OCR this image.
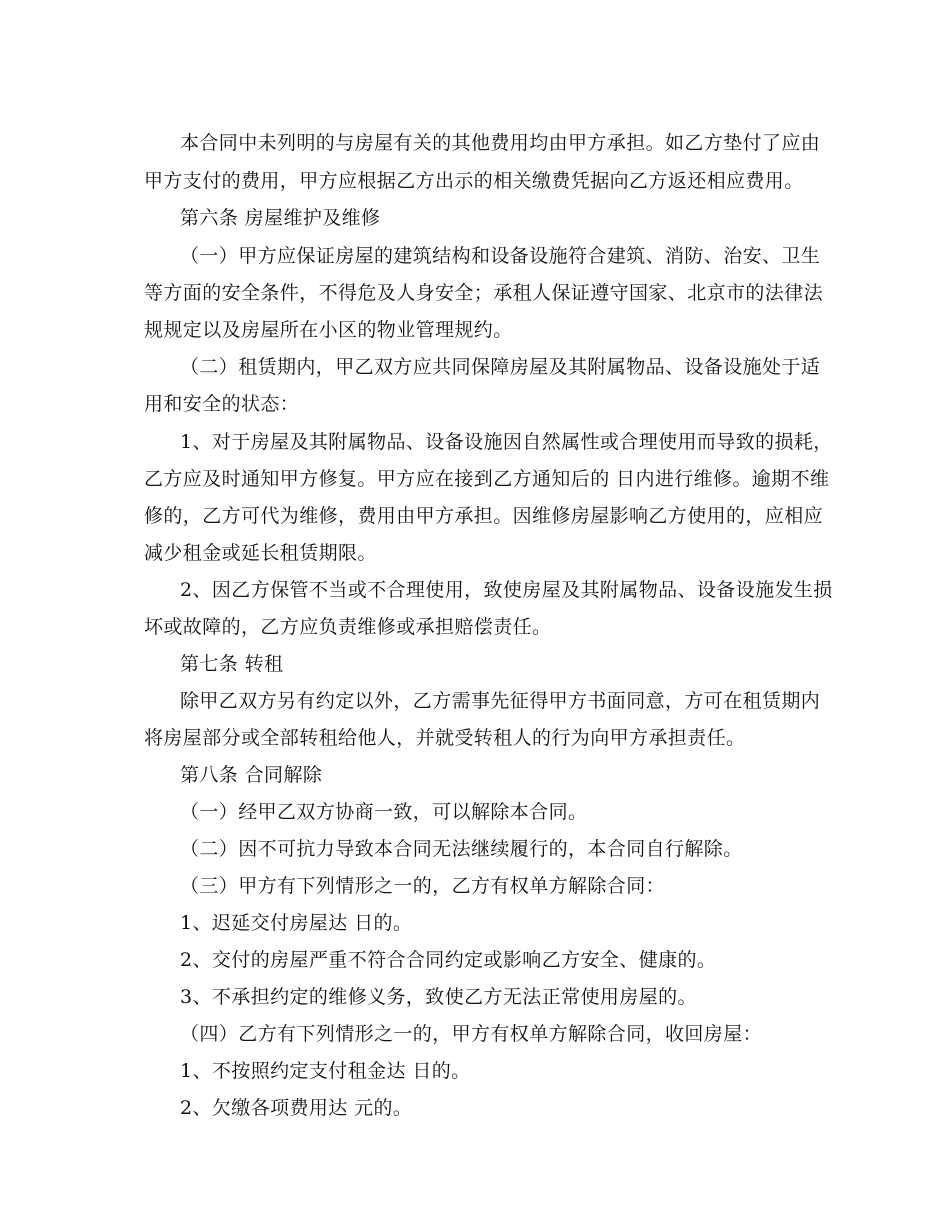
本合同中未列明的与房屋有关的其他费用均由甲方承担。如乙方垫付了应由
甲方支付的费用，甲方应根据乙方出示的相关缴费凭据向乙方返还相应费用。
第六条 房屋维护及维修
（一）甲方应保证房屋的建筑结构和设备设施符合建筑、消防、治安、卫生
等方面的安全条件，不得危及人身安全；承租人保证遵守国家、北京市的法律法
规规定以及房屋所在小区的物业管理规约。
（二）租赁期内，甲乙双方应共同保障房屋及其附属物品、设备设施处于适
用和安全的状态：
1、对于房屋及其附属物品、设备设施因自然属性或合理使用而导致的损耗，
乙方应及时通知甲方修复。甲方应在接到乙方通知后的 日内进行维修。逾期不维
修的，乙方可代为维修，费用由甲方承担。因维修房屋影响乙方使用的，应相应
减少租金或延长租赁期限。
2、因乙方保管不当或不合理使用，致使房屋及其附属物品、设备设施发生损
坏或故障的，乙方应负责维修或承担赔偿责任。
第七条 转租
除甲乙双方另有约定以外，乙方需事先征得甲方书面同意，方可在租赁期内
将房屋部分或全部转租给他人，并就受转租人的行为向甲方承担责任。
第八条 合同解除
（一）经甲乙双方协商一致，可以解除本合同。
（二）因不可抗力导致本合同无法继续履行的，本合同自行解除。
（三）甲方有下列情形之一的，乙方有权单方解除合同：
1、迟延交付房屋达 日的。
2、交付的房屋严重不符合合同约定或影响乙方安全、健康的。
3、不承担约定的维修义务，致使乙方无法正常使用房屋的。
（四）乙方有下列情形之一的，甲方有权单方解除合同，收回房屋：
1、不按照约定支付租金达 日的。
2、欠缴各项费用达 元的。
